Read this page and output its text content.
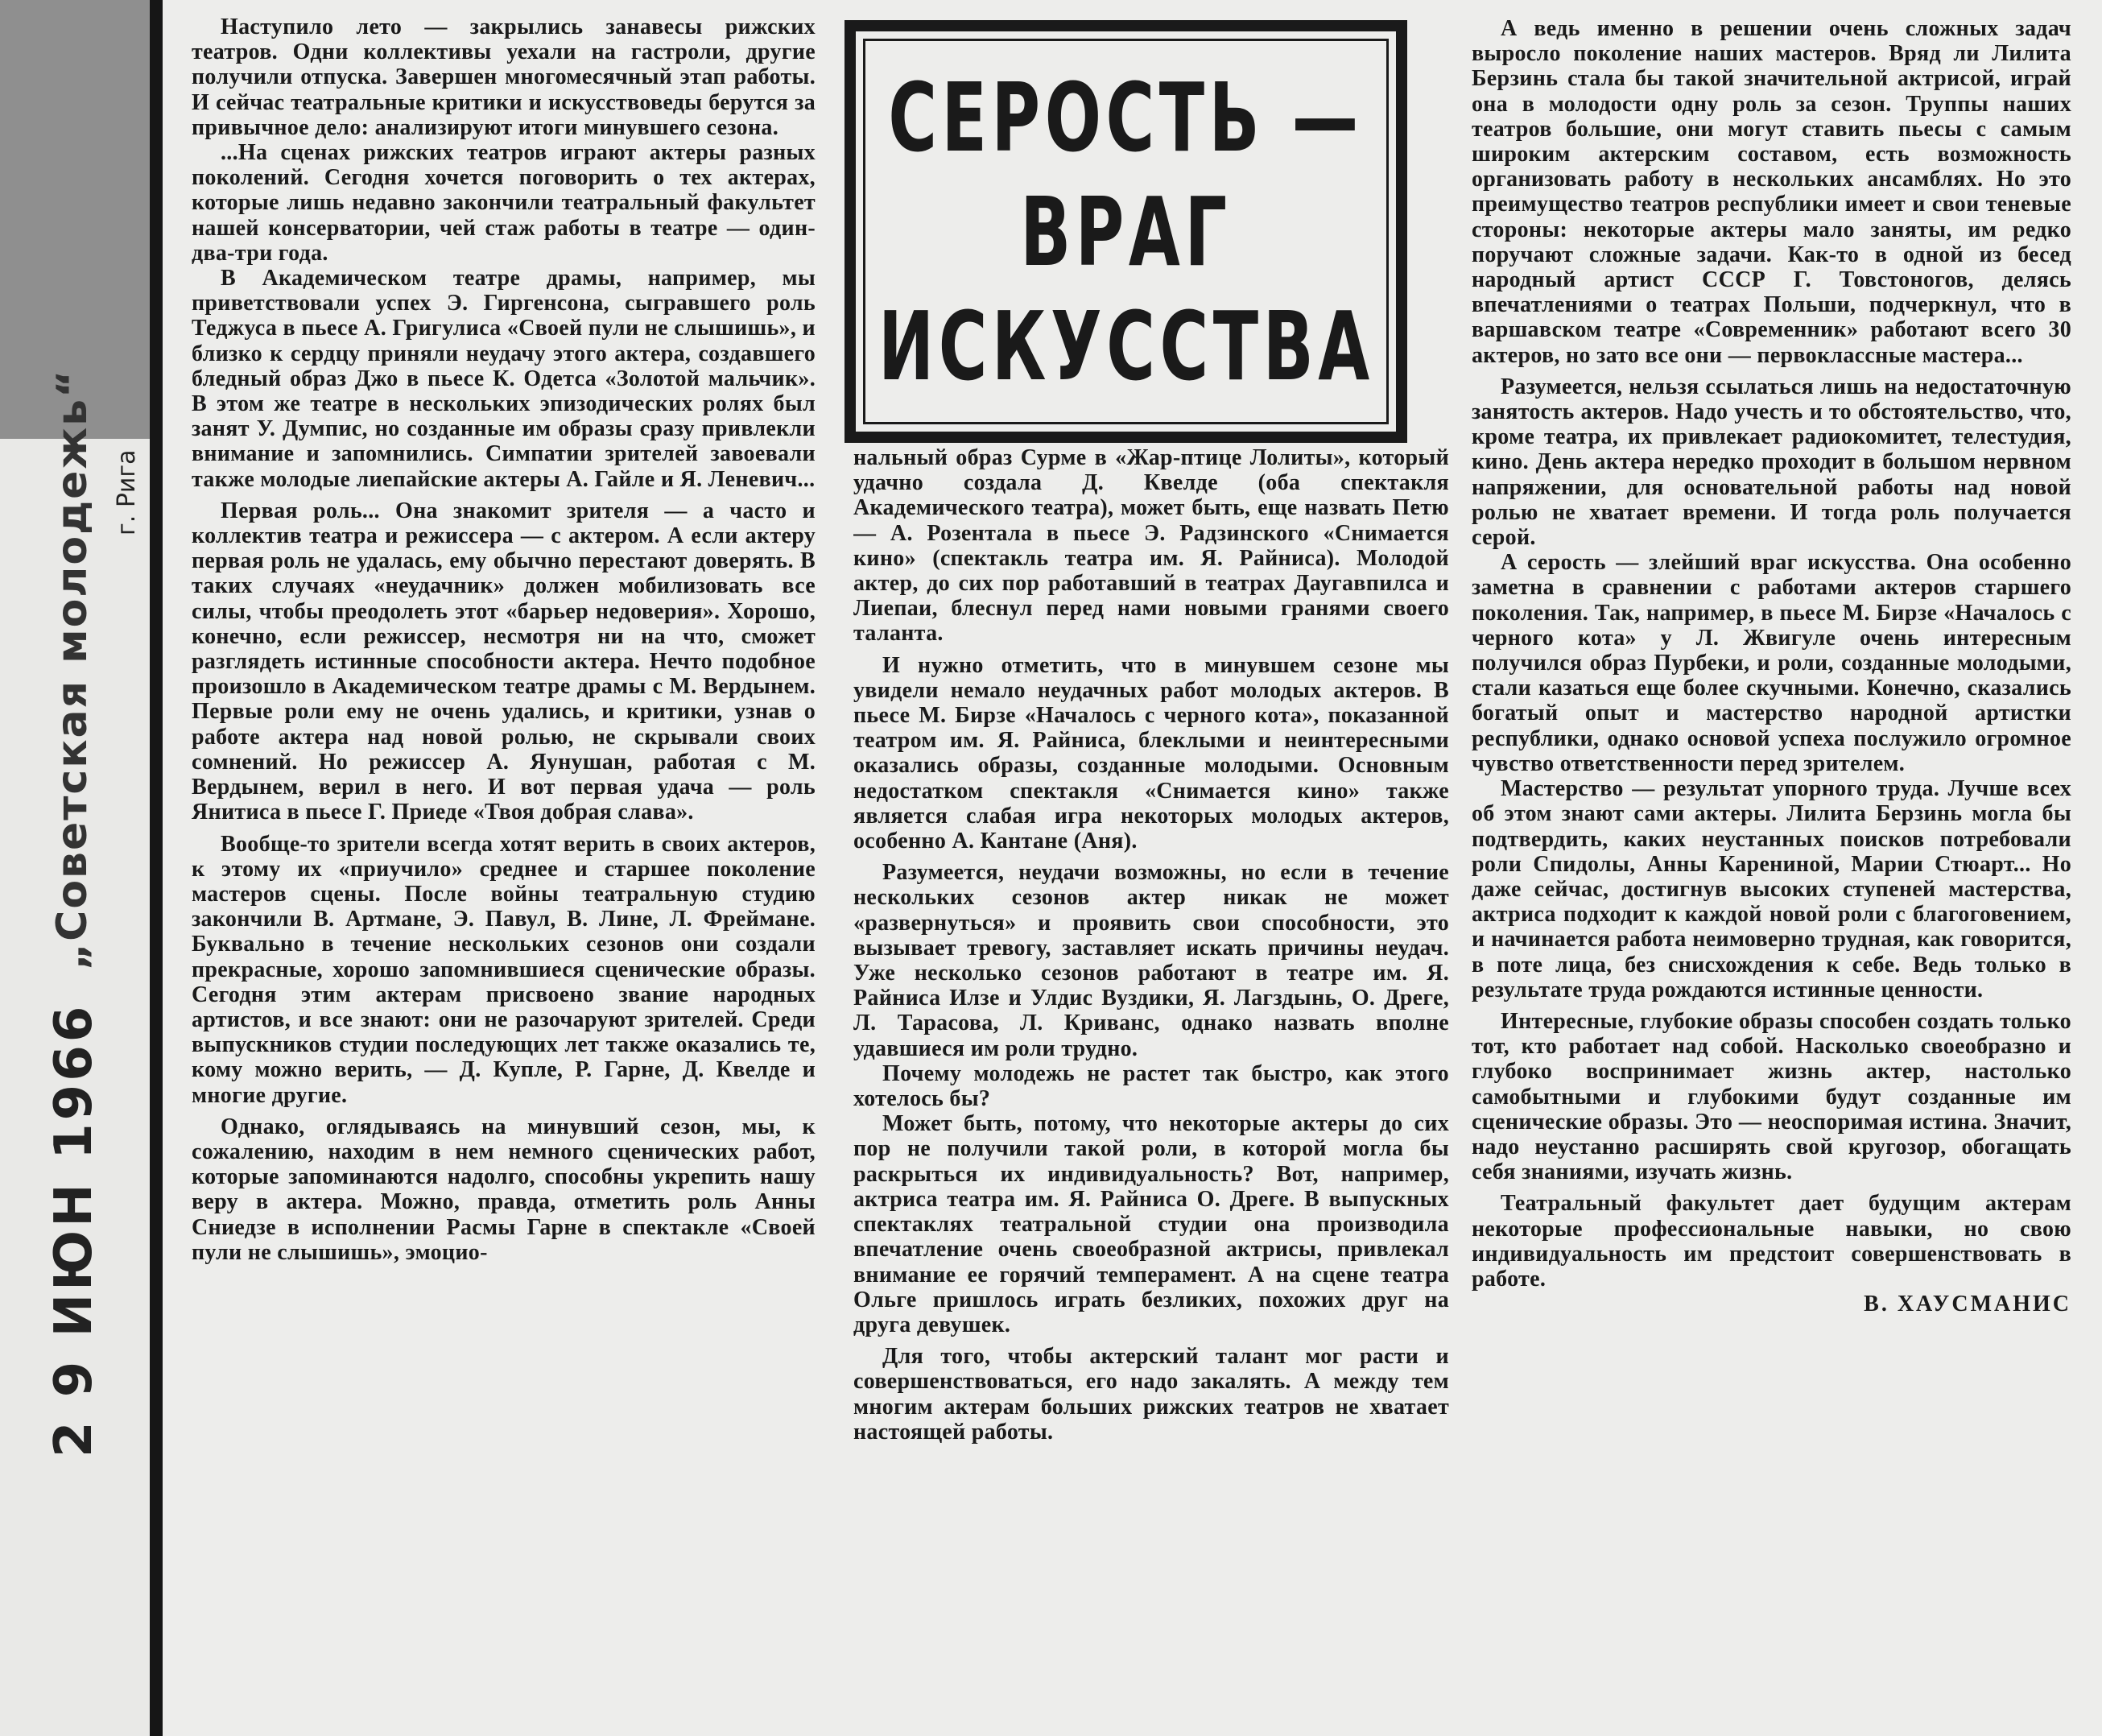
„Советская молодежь“ г. Рига
2 9 ИЮН 1966
СЕРОСТЬ —
ВРАГ
ИСКУССТВА

Наступило лето — закрылись занавесы рижских театров. Одни коллективы уехали на гастроли, другие получили отпуска. Завершен многомесячный этап работы. И сейчас театральные критики и искусствоведы берутся за привычное дело: анализируют итоги минувшего сезона.

...На сценах рижских театров играют актеры разных поколений. Сегодня хочется поговорить о тех актерах, которые лишь недавно закончили театральный факультет нашей консерватории, чей стаж работы в театре — один-два-три года.

В Академическом театре драмы, например, мы приветствовали успех Э. Гиргенсона, сыгравшего роль Теджуса в пьесе А. Григулиса «Своей пули не слышишь», и близко к сердцу приняли неудачу этого актера, создавшего бледный образ Джо в пьесе К. Одетса «Золотой мальчик». В этом же театре в нескольких эпизодических ролях был занят У. Думпис, но созданные им образы сразу привлекли внимание и запомнились. Симпатии зрителей завоевали также молодые лиепайские актеры А. Гайле и Я. Леневич...

Первая роль... Она знакомит зрителя — а часто и коллектив театра и режиссера — с актером. А если актеру первая роль не удалась, ему обычно перестают доверять. В таких случаях «неудачник» должен мобилизовать все силы, чтобы преодолеть этот «барьер недоверия». Хорошо, конечно, если режиссер, несмотря ни на что, сможет разглядеть истинные способности актера. Нечто подобное произошло в Академическом театре драмы с М. Вердынем. Первые роли ему не очень удались, и критики, узнав о работе актера над новой ролью, не скрывали своих сомнений. Но режиссер А. Яунушан, работая с М. Вердынем, верил в него. И вот первая удача — роль Янитиса в пьесе Г. Приеде «Твоя добрая слава».

Вообще-то зрители всегда хотят верить в своих актеров, к этому их «приучило» среднее и старшее поколение мастеров сцены. После войны театральную студию закончили В. Артмане, Э. Павул, В. Лине, Л. Фреймане. Буквально в течение нескольких сезонов они создали прекрасные, хорошо запомнившиеся сценические образы. Сегодня этим актерам присвоено звание народных артистов, и все знают: они не разочаруют зрителей. Среди выпускников студии последующих лет также оказались те, кому можно верить, — Д. Купле, Р. Гарне, Д. Квелде и многие другие.

Однако, оглядываясь на минувший сезон, мы, к сожалению, находим в нем немного сценических работ, которые запоминаются надолго, способны укрепить нашу веру в актера. Можно, правда, отметить роль Анны Сниедзе в исполнении Расмы Гарне в спектакле «Своей пули не слышишь», эмоцио-

нальный образ Сурме в «Жар-птице Лолиты», который удачно создала Д. Квелде (оба спектакля Академического театра), может быть, еще назвать Петю — А. Розентала в пьесе Э. Радзинского «Снимается кино» (спектакль театра им. Я. Райниса). Молодой актер, до сих пор работавший в театрах Даугавпилса и Лиепаи, блеснул перед нами новыми гранями своего таланта.

И нужно отметить, что в минувшем сезоне мы увидели немало неудачных работ молодых актеров. В пьесе М. Бирзе «Началось с черного кота», показанной театром им. Я. Райниса, блеклыми и неинтересными оказались образы, созданные молодыми. Основным недостатком спектакля «Снимается кино» также является слабая игра некоторых молодых актеров, особенно А. Кантане (Аня).

Разумеется, неудачи возможны, но если в течение нескольких сезонов актер никак не может «развернуться» и проявить свои способности, это вызывает тревогу, заставляет искать причины неудач. Уже несколько сезонов работают в театре им. Я. Райниса Илзе и Улдис Вуздики, Я. Лагздынь, О. Дреге, Л. Тарасова, Л. Криванс, однако назвать вполне удавшиеся им роли трудно.

Почему молодежь не растет так быстро, как этого хотелось бы?

Может быть, потому, что некоторые актеры до сих пор не получили такой роли, в которой могла бы раскрыться их индивидуальность? Вот, например, актриса театра им. Я. Райниса О. Дреге. В выпускных спектаклях театральной студии она производила впечатление очень своеобразной актрисы, привлекал внимание ее горячий темперамент. А на сцене театра Ольге пришлось играть безликих, похожих друг на друга девушек.

Для того, чтобы актерский талант мог расти и совершенствоваться, его надо закалять. А между тем многим актерам больших рижских театров не хватает настоящей работы.

А ведь именно в решении очень сложных задач выросло поколение наших мастеров. Вряд ли Лилита Берзинь стала бы такой значительной актрисой, играй она в молодости одну роль за сезон. Труппы наших театров большие, они могут ставить пьесы с самым широким актерским составом, есть возможность организовать работу в нескольких ансамблях. Но это преимущество театров республики имеет и свои теневые стороны: некоторые актеры мало заняты, им редко поручают сложные задачи. Как-то в одной из бесед народный артист СССР Г. Товстоногов, делясь впечатлениями о театрах Польши, подчеркнул, что в варшавском театре «Современник» работают всего 30 актеров, но зато все они — первоклассные мастера...

Разумеется, нельзя ссылаться лишь на недостаточную занятость актеров. Надо учесть и то обстоятельство, что, кроме театра, их привлекает радиокомитет, телестудия, кино. День актера нередко проходит в большом нервном напряжении, для основательной работы над новой ролью не хватает времени. И тогда роль получается серой.

А серость — злейший враг искусства. Она особенно заметна в сравнении с работами актеров старшего поколения. Так, например, в пьесе М. Бирзе «Началось с черного кота» у Л. Жвигуле очень интересным получился образ Пурбеки, и роли, созданные молодыми, стали казаться еще более скучными. Конечно, сказались богатый опыт и мастерство народной артистки республики, однако основой успеха послужило огромное чувство ответственности перед зрителем.

Мастерство — результат упорного труда. Лучше всех об этом знают сами актеры. Лилита Берзинь могла бы подтвердить, каких неустанных поисков потребовали роли Спидолы, Анны Карениной, Марии Стюарт... Но даже сейчас, достигнув высоких ступеней мастерства, актриса подходит к каждой новой роли с благоговением, и начинается работа неимоверно трудная, как говорится, в поте лица, без снисхождения к себе. Ведь только в результате труда рождаются истинные ценности.

Интересные, глубокие образы способен создать только тот, кто работает над собой. Насколько своеобразно и глубоко воспринимает жизнь актер, настолько самобытными и глубокими будут созданные им сценические образы. Это — неоспоримая истина. Значит, надо неустанно расширять свой кругозор, обогащать себя знаниями, изучать жизнь.

Театральный факультет дает будущим актерам некоторые профессиональные навыки, но свою индивидуальность им предстоит совершенствовать в работе.

В. ХАУСМАНИС
